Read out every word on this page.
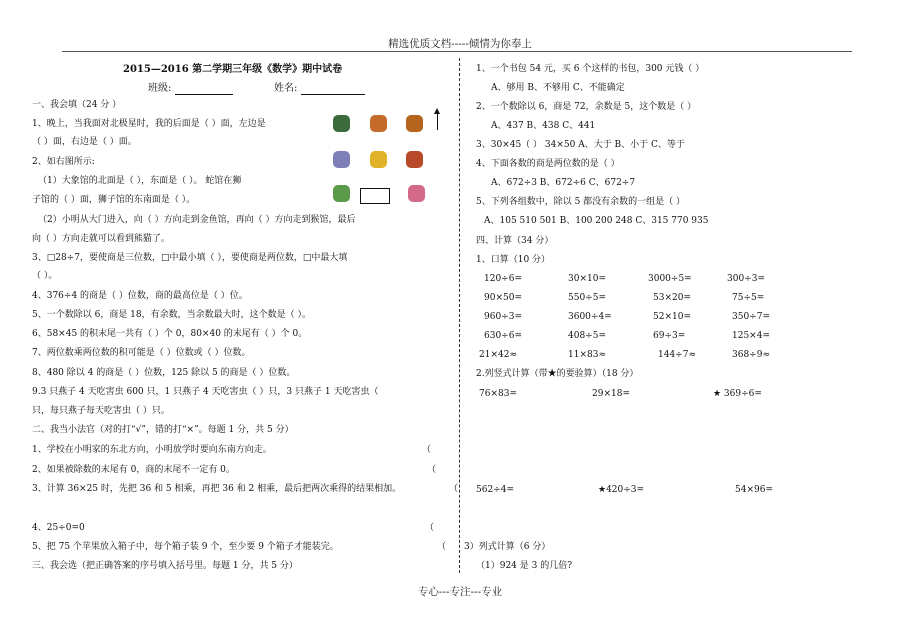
精选优质文档-----倾情为你奉上
2015—2016 第二学期三年级《数学》期中试卷
班级:	姓名:
一、我会填（24 分 ）
1、晚上，当我面对北极星时，我的后面是（ ）面，左边是
（ ）面，右边是（ ）面。
2、如右图所示:
（1）大象馆的北面是（ ），东面是（ ）。 蛇馆在狮
子馆的（ ）面，狮子馆的东南面是（ ）。
（2）小明从大门进入，向（ ）方向走到金鱼馆，再向（ ）方向走到猴馆，最后
向（ ）方向走就可以看到熊猫了。
3、□28÷7，要使商是三位数，□中最小填（ ），要使商是两位数，□中最大填
（ ）。
4、376÷4 的商是（ ）位数，商的最高位是（ ）位。
5、一个数除以 6，商是 18，有余数，当余数最大时，这个数是（ ）。
6、58×45 的积末尾一共有（ ）个 0，80×40 的末尾有（ ）个 0。
7、两位数乘两位数的积可能是（ ）位数或（ ）位数。
8、480 除以 4 的商是（ ）位数，125 除以 5 的商是（ ）位数。
9.3 只燕子 4 天吃害虫 600 只，1 只燕子 4 天吃害虫（ ）只，3 只燕子 1 天吃害虫（
只，每只燕子每天吃害虫（ ）只。
二、我当小法官（对的打“√”，错的打“×”。每题 1 分，共 5 分）
1、学校在小明家的东北方向，小明放学时要向东南方向走。
2、如果被除数的末尾有 0，商的末尾不一定有 0。
3、计算 36×25 时，先把 36 和 5 相乘，再把 36 和 2 相乘，最后把两次乘得的结果相加。
4、25÷0=0
5、把 75 个苹果放入箱子中，每个箱子装 9 个，至少要 9 个箱子才能装完。
三、我会选（把正确答案的序号填入括号里。每题 1 分，共 5 分）
（
（
（
（
（
1、一个书包 54 元，买 6 个这样的书包，300 元钱（ ）
A、够用 B、不够用 C、不能确定
2、一个数除以 6，商是 72，余数是 5，这个数是（ ）
A、437 B、438 C、441
3、30×45（ ） 34×50 A、大于 B、小于 C、等于
4、下面各数的商是两位数的是（ ）
A、672÷3 B、672÷6 C、672÷7
5、下列各组数中，除以 5 都没有余数的一组是（ ）
A、105 510 501 B、100 200 248 C、315 770 935
四、计算（34 分）
1、口算（10 分）
120÷6=	30×10=	3000÷5=	300÷3=
90×50=	550÷5=	53×20=	75÷5=
960÷3=	3600÷4=	52×10=	350÷7=
630÷6=	408÷5=	69÷3=	125×4=
21×42≈	11×83≈	144÷7≈	368÷9≈
2.列竖式计算（带★的要验算）（18 分）
76×83=	29×18=	★ 369÷6=
562÷4=	★420÷3=	54×96=
3）列式计算（6 分）
（1）924 是 3 的几倍?
专心---专注---专业
